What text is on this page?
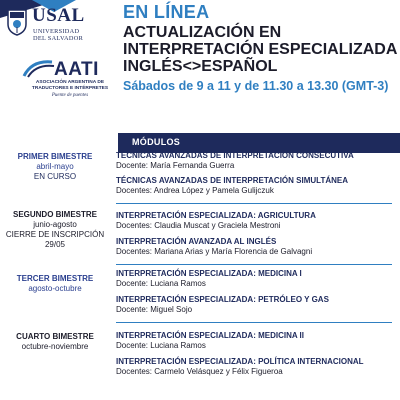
USAL
UNIVERSIDAD
DEL SALVADOR
AATI
ASOCIACIÓN ARGENTINA DE
TRADUCTORES E INTÉRPRETES
Puente de puentes
EN LÍNEA
ACTUALIZACIÓN EN
INTERPRETACIÓN ESPECIALIZADA
INGLÉS<>ESPAÑOL
Sábados de 9 a 11 y de 11.30 a 13.30 (GMT-3)
MÓDULOS
PRIMER BIMESTRE
abril-mayo
EN CURSO
TÉCNICAS AVANZADAS DE INTERPRETACIÓN CONSECUTIVA
Docente: María Fernanda Guerra
TÉCNICAS AVANZADAS DE INTERPRETACIÓN SIMULTÁNEA
Docentes: Andrea López y Pamela Gulijczuk
SEGUNDO BIMESTRE
junio-agosto
CIERRE DE INSCRIPCIÓN
29/05
INTERPRETACIÓN ESPECIALIZADA: AGRICULTURA
Docentes: Claudia Muscat y Graciela Mestroni
INTERPRETACIÓN AVANZADA AL INGLÉS
Docentes: Mariana Arias y María Florencia de Galvagni
TERCER BIMESTRE
agosto-octubre
INTERPRETACIÓN ESPECIALIZADA: MEDICINA I
Docente: Luciana Ramos
INTERPRETACIÓN ESPECIALIZADA: PETRÓLEO Y GAS
Docente: Miguel Sojo
CUARTO BIMESTRE
octubre-noviembre
INTERPRETACIÓN ESPECIALIZADA: MEDICINA II
Docente: Luciana Ramos
INTERPRETACIÓN ESPECIALIZADA: POLÍTICA INTERNACIONAL
Docentes: Carmelo Velásquez y Félix Figueroa
